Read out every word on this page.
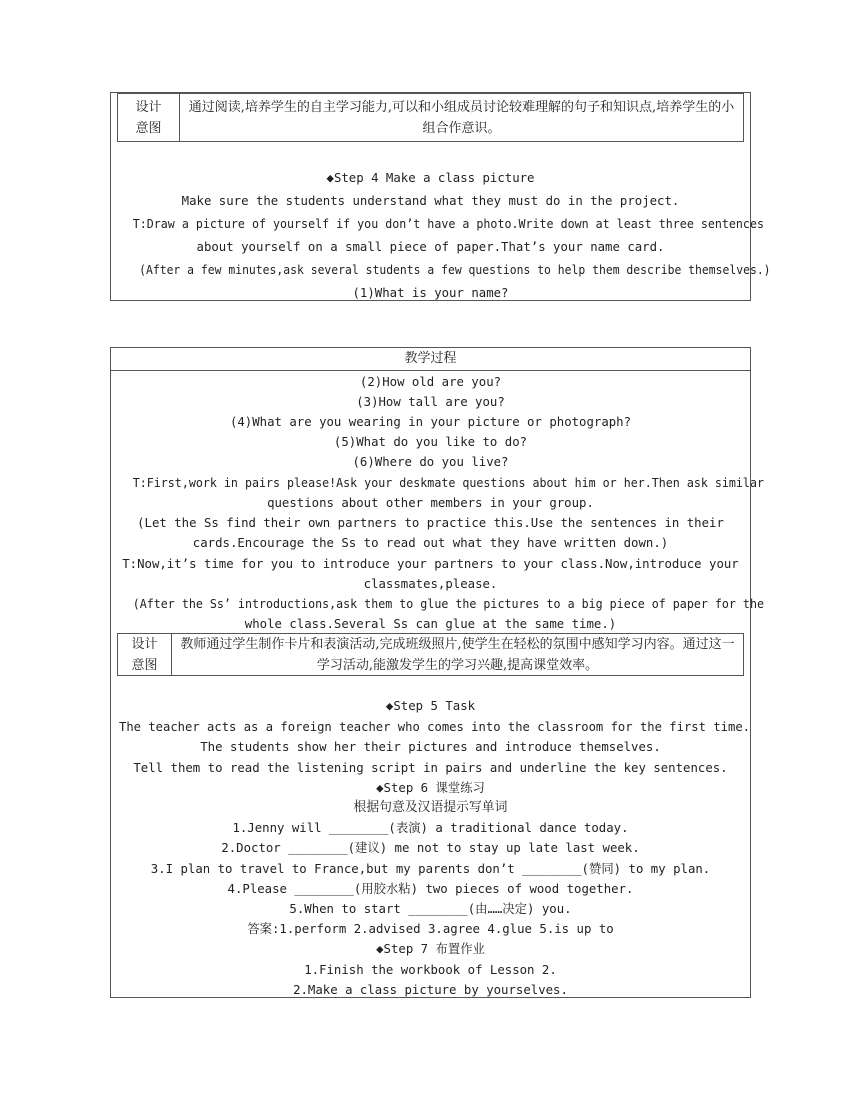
设计意图
通过阅读,培养学生的自主学习能力,可以和小组成员讨论较难理解的句子和知识点,培养学生的小组合作意识。
◆Step 4 Make a class picture
Make sure the students understand what they must do in the project.
T:Draw a picture of yourself if you don’t have a photo.Write down at least three sentences
about yourself on a small piece of paper.That’s your name card.
(After a few minutes,ask several students a few questions to help them describe themselves.)
(1)What is your name?
教学过程
(2)How old are you?
(3)How tall are you?
(4)What are you wearing in your picture or photograph?
(5)What do you like to do?
(6)Where do you live?
T:First,work in pairs please!Ask your deskmate questions about him or her.Then ask similar
questions about other members in your group.
(Let the Ss find their own partners to practice this.Use the sentences in their
cards.Encourage the Ss to read out what they have written down.)
T:Now,it’s time for you to introduce your partners to your class.Now,introduce your
classmates,please.
(After the Ss’ introductions,ask them to glue the pictures to a big piece of paper for the
whole class.Several Ss can glue at the same time.)
设计意图
教师通过学生制作卡片和表演活动,完成班级照片,使学生在轻松的氛围中感知学习内容。通过这一学习活动,能激发学生的学习兴趣,提高课堂效率。
◆Step 5 Task
The teacher acts as a foreign teacher who comes into the classroom for the first time.
The students show her their pictures and introduce themselves.
Tell them to read the listening script in pairs and underline the key sentences.
◆Step 6 课堂练习
根据句意及汉语提示写单词
1.Jenny will ________(表演) a traditional dance today.
2.Doctor ________(建议) me not to stay up late last week.
3.I plan to travel to France,but my parents don’t ________(赞同) to my plan.
4.Please ________(用胶水粘) two pieces of wood together.
5.When to start ________(由……决定) you.
答案:1.perform 2.advised 3.agree 4.glue 5.is up to
◆Step 7 布置作业
1.Finish the workbook of Lesson 2.
2.Make a class picture by yourselves.
